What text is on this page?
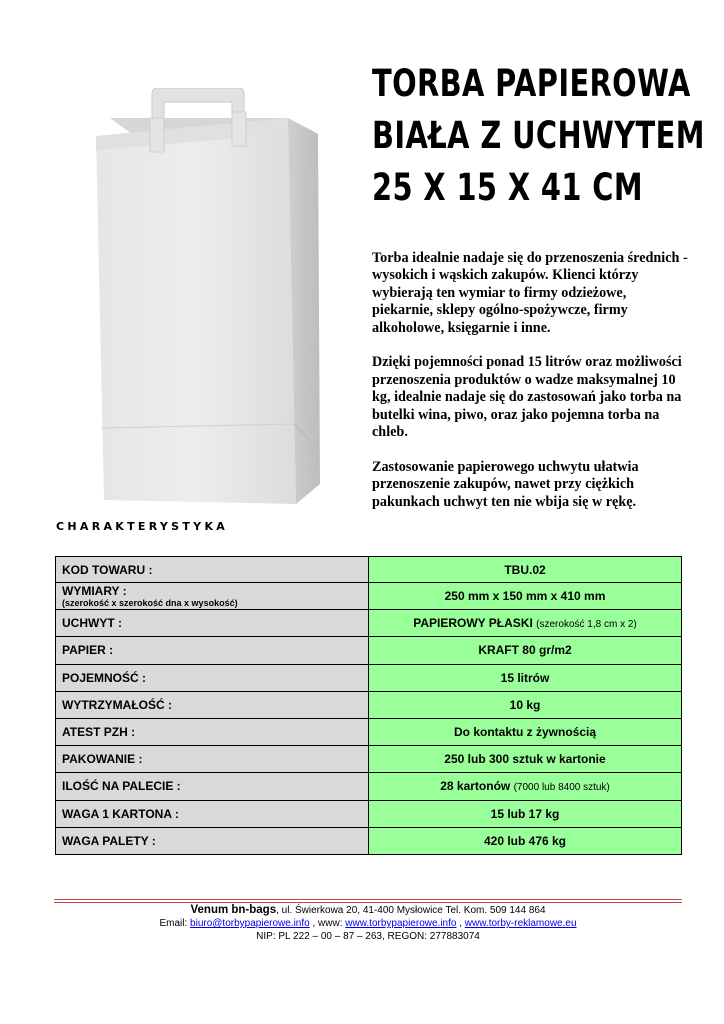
TORBA PAPIEROWA
BIAŁA Z UCHWYTEM
25 X 15 X 41 CM

Torba idealnie nadaje się do przenoszenia średnich - wysokich i wąskich zakupów. Klienci którzy wybierają ten wymiar to firmy odzieżowe, piekarnie, sklepy ogólno-spożywcze, firmy alkoholowe, księgarnie i inne.

Dzięki pojemności ponad 15 litrów oraz możliwości przenoszenia produktów o wadze maksymalnej 10 kg, idealnie nadaje się do zastosowań jako torba na butelki wina, piwo, oraz jako pojemna torba na chleb.

Zastosowanie papierowego uchwytu ułatwia przenoszenie zakupów, nawet przy ciężkich pakunkach uchwyt ten nie wbija się w rękę.

CHARAKTERYSTYKA
KOD TOWARU :	TBU.02

WYMIARY :
(szerokość x szerokość dna x wysokość)	250 mm x 150 mm x 410 mm
UCHWYT :	PAPIEROWY PŁASKI (szerokość 1,8 cm x 2)
PAPIER :	KRAFT 80 gr/m2
POJEMNOŚĆ :	15 litrów
WYTRZYMAŁOŚĆ :	10 kg
ATEST PZH :	Do kontaktu z żywnością
PAKOWANIE :	250 lub 300 sztuk w kartonie
ILOŚĆ NA PALECIE :	28 kartonów (7000 lub 8400 sztuk)
WAGA 1 KARTONA :	15 lub 17 kg
WAGA PALETY :	420 lub 476 kg
Venum bn-bags, ul. Świerkowa 20, 41-400 Mysłowice Tel. Kom. 509 144 864
Email: biuro@torbypapierowe.info , www: www.torbypapierowe.info , www.torby-reklamowe.eu
NIP: PL 222 – 00 – 87 – 263, REGON: 277883074
